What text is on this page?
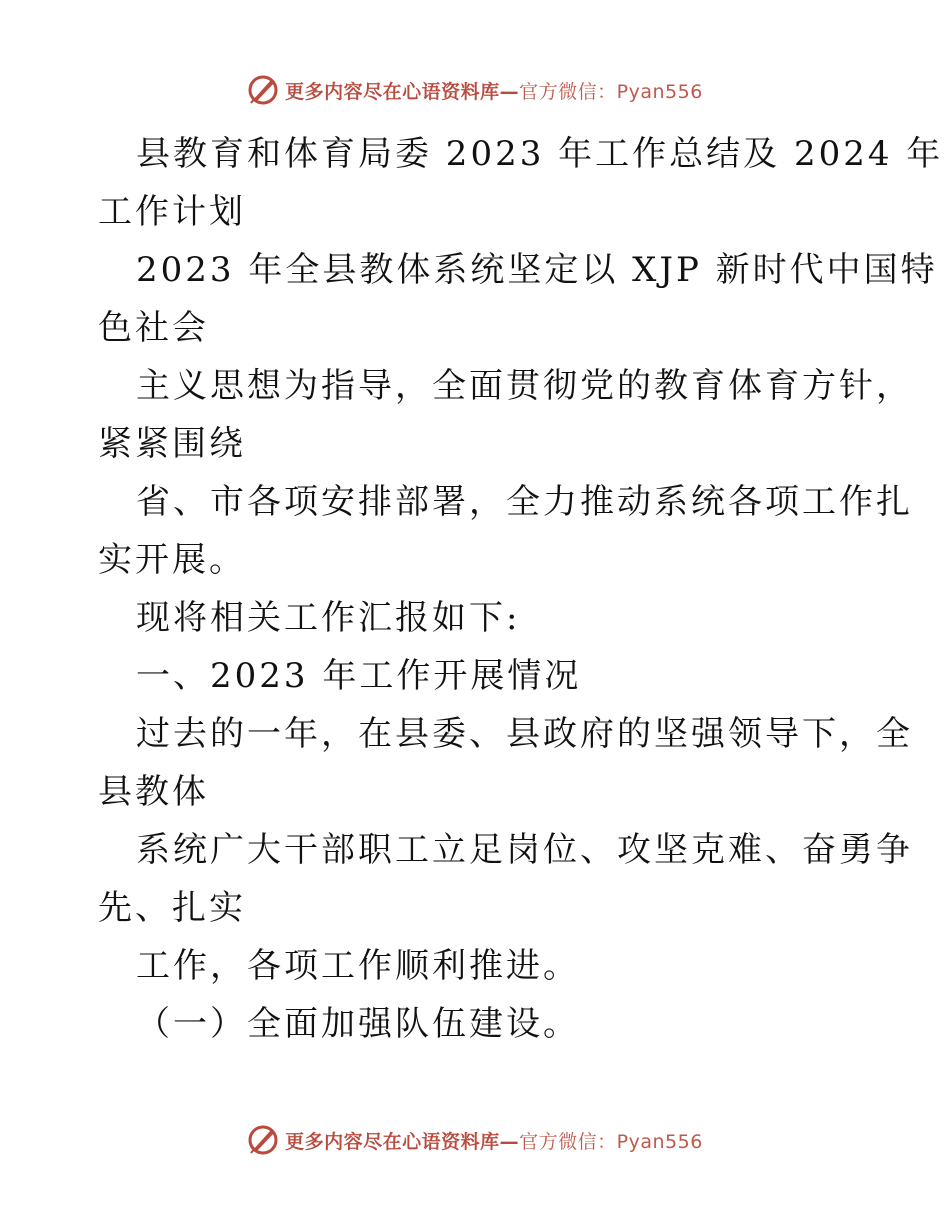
更多内容尽在心语资料库—官方微信：Pyan556
县教育和体育局委 2023 年工作总结及 2024 年
工作计划
2023 年全县教体系统坚定以 XJP 新时代中国特
色社会
主义思想为指导，全面贯彻党的教育体育方针，
紧紧围绕
省、市各项安排部署，全力推动系统各项工作扎
实开展。
现将相关工作汇报如下:
一、2023 年工作开展情况
过去的一年，在县委、县政府的坚强领导下，全
县教体
系统广大干部职工立足岗位、攻坚克难、奋勇争
先、扎实
工作，各项工作顺利推进。
（一）全面加强队伍建设。
更多内容尽在心语资料库—官方微信：Pyan556
